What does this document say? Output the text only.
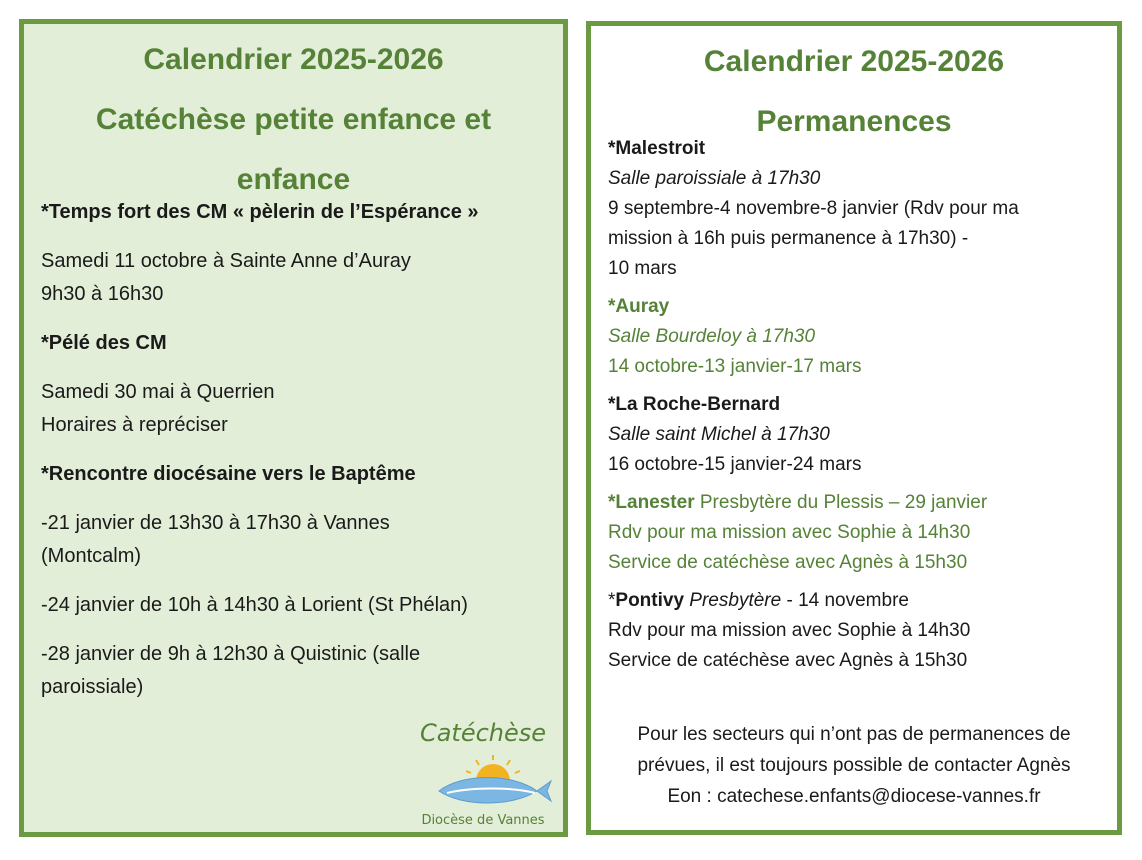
Calendrier 2025-2026

Catéchèse petite enfance et

enfance

*Temps fort des CM « pèlerin de l’Espérance »

Samedi 11 octobre à Sainte Anne d’Auray
9h30 à 16h30

*Pélé des CM

Samedi 30 mai à Querrien
Horaires à repréciser

*Rencontre diocésaine vers le Baptême

-21 janvier de 13h30 à 17h30 à Vannes
(Montcalm)

-24 janvier de 10h à 14h30 à Lorient (St Phélan)

-28 janvier de 9h à 12h30 à Quistinic (salle
paroissiale)

Catéchèse
Diocèse de Vannes

Calendrier 2025-2026

Permanences

*Malestroit

Salle paroissiale à 17h30

9 septembre-4 novembre-8 janvier (Rdv pour ma

mission à 16h puis permanence à 17h30) -

10 mars

*Auray

Salle Bourdeloy à 17h30

14 octobre-13 janvier-17 mars

*La Roche-Bernard

Salle saint Michel à 17h30

16 octobre-15 janvier-24 mars

*Lanester Presbytère du Plessis – 29 janvier

Rdv pour ma mission avec Sophie à 14h30

Service de catéchèse avec Agnès à 15h30

*Pontivy Presbytère - 14 novembre

Rdv pour ma mission avec Sophie à 14h30

Service de catéchèse avec Agnès à 15h30

Pour les secteurs qui n’ont pas de permanences de
prévues, il est toujours possible de contacter Agnès
Eon : catechese.enfants@diocese-vannes.fr
